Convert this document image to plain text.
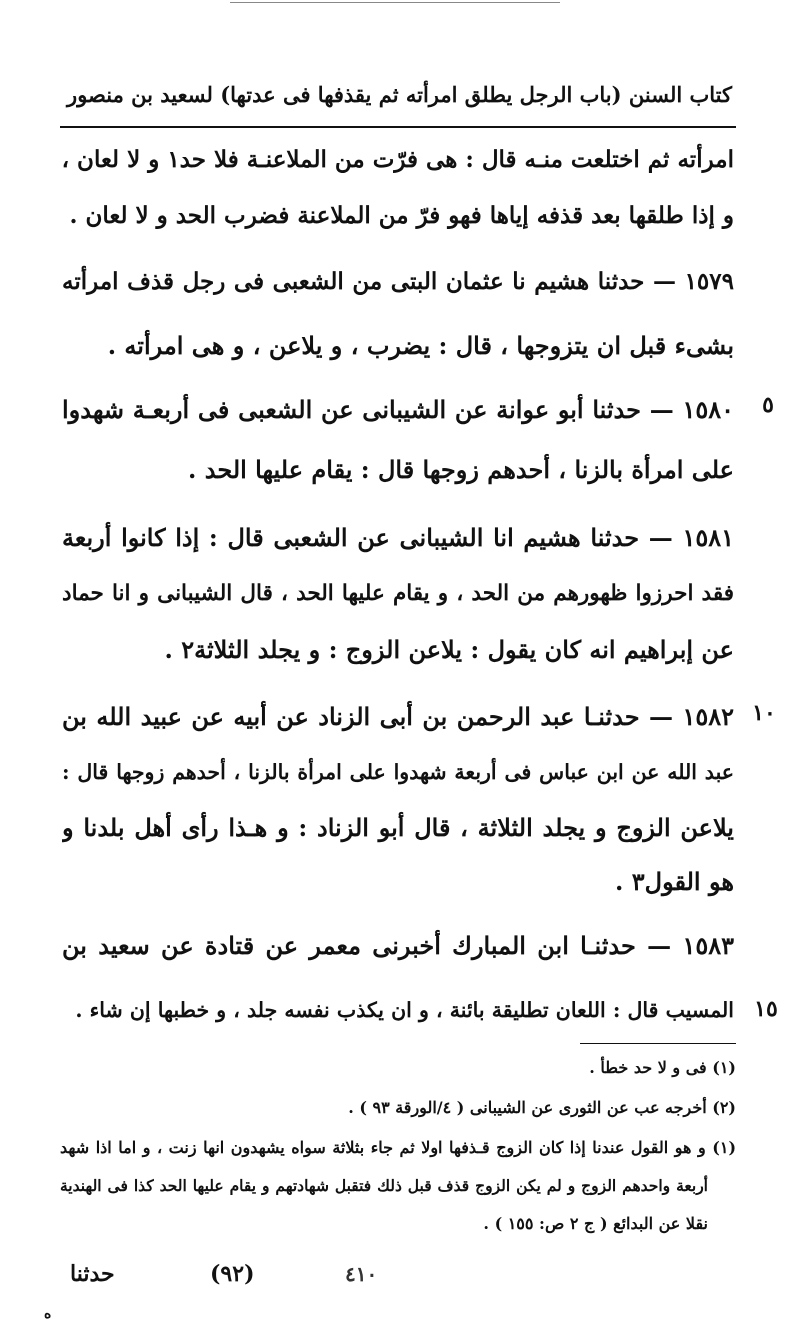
كتاب السنن (باب الرجل يطلق امرأته ثم يقذفها فى عدتها) لسعيد بن منصور
امرأته ثم اختلعت منـه قال : هى فرّت من الملاعنـة فلا حد١ و لا لعان ،
و إذا طلقها بعد قذفه إياها فهو فرّ من الملاعنة فضرب الحد و لا لعان .
١٥٧٩ — حدثنا هشيم نا عثمان البتى من الشعبى فى رجل قذف امرأته
بشىء قبل ان يتزوجها ، قال : يضرب ، و يلاعن ، و هى امرأته .
٥
١٥٨٠ — حدثنا أبو عوانة عن الشيبانى عن الشعبى فى أربعـة شهدوا
على امرأة بالزنا ، أحدهم زوجها قال : يقام عليها الحد .
١٥٨١ — حدثنا هشيم انا الشيبانى عن الشعبى قال : إذا كانوا أربعة
فقد احرزوا ظهورهم من الحد ، و يقام عليها الحد ، قال الشيبانى و انا حماد
عن إبراهيم انه كان يقول : يلاعن الزوج : و يجلد الثلاثة٢ .
١٠
١٥٨٢ — حدثنـا عبد الرحمن بن أبى الزناد عن أبيه عن عبيد الله بن
عبد الله عن ابن عباس فى أربعة شهدوا على امرأة بالزنا ، أحدهم زوجها قال :
يلاعن الزوج و يجلد الثلاثة ، قال أبو الزناد : و هـذا رأى أهل بلدنا و
هو القول٣ .
١٥٨٣ — حدثنـا ابن المبارك أخبرنى معمر عن قتادة عن سعيد بن
١٥
المسيب قال : اللعان تطليقة بائنة ، و ان يكذب نفسه جلد ، و خطبها إن شاء .
(١) فى و لا حد خطأ .
(٢) أخرجه عب عن الثورى عن الشيبانى ( ٤/الورقة ٩٣ ) .
(١) و هو القول عندنا إذا كان الزوج قـذفها اولا ثم جاء بثلاثة سواه يشهدون انها زنت ، و اما اذا شهد
أربعة واحدهم الزوج و لم يكن الزوج قذف قبل ذلك فتقبل شهادتهم و يقام عليها الحد كذا فى الهندية
نقلا عن البدائع ( ج ٢ ص: ١٥٥ ) .
حدثنا	(٩٢)	٤١٠
ه
